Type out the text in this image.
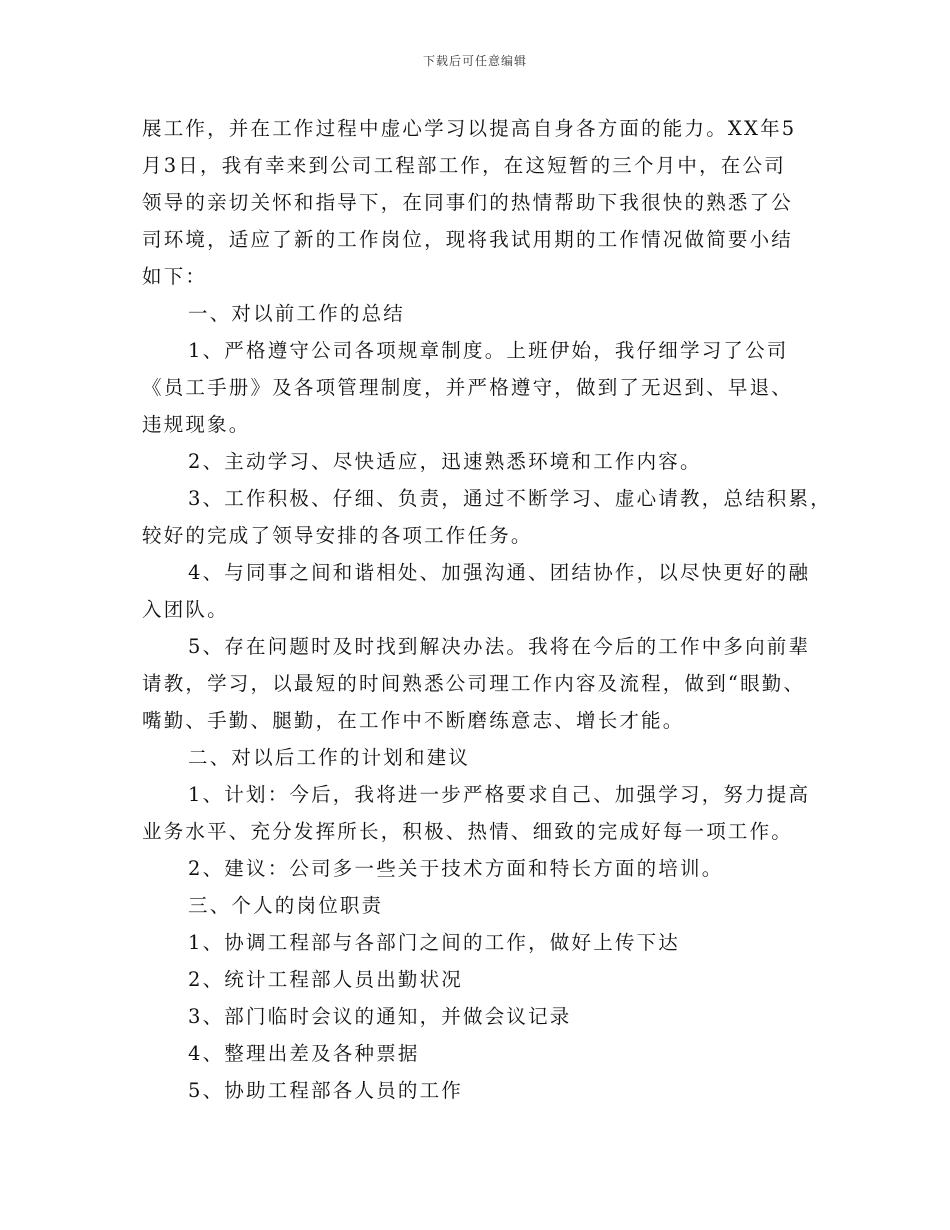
下载后可任意编辑
展工作，并在工作过程中虚心学习以提高自身各方面的能力。XX年5
月3日，我有幸来到公司工程部工作，在这短暂的三个月中，在公司
领导的亲切关怀和指导下，在同事们的热情帮助下我很快的熟悉了公
司环境，适应了新的工作岗位，现将我试用期的工作情况做简要小结
如下：
一、对以前工作的总结
1、严格遵守公司各项规章制度。上班伊始，我仔细学习了公司
《员工手册》及各项管理制度，并严格遵守，做到了无迟到、早退、
违规现象。
2、主动学习、尽快适应，迅速熟悉环境和工作内容。
3、工作积极、仔细、负责，通过不断学习、虚心请教，总结积累，
较好的完成了领导安排的各项工作任务。
4、与同事之间和谐相处、加强沟通、团结协作，以尽快更好的融
入团队。
5、存在问题时及时找到解决办法。我将在今后的工作中多向前辈
请教，学习，以最短的时间熟悉公司理工作内容及流程，做到“眼勤、
嘴勤、手勤、腿勤，在工作中不断磨练意志、增长才能。
二、对以后工作的计划和建议
1、计划：今后，我将进一步严格要求自己、加强学习，努力提高
业务水平、充分发挥所长，积极、热情、细致的完成好每一项工作。
2、建议：公司多一些关于技术方面和特长方面的培训。
三、个人的岗位职责
1、协调工程部与各部门之间的工作，做好上传下达
2、统计工程部人员出勤状况
3、部门临时会议的通知，并做会议记录
4、整理出差及各种票据
5、协助工程部各人员的工作
